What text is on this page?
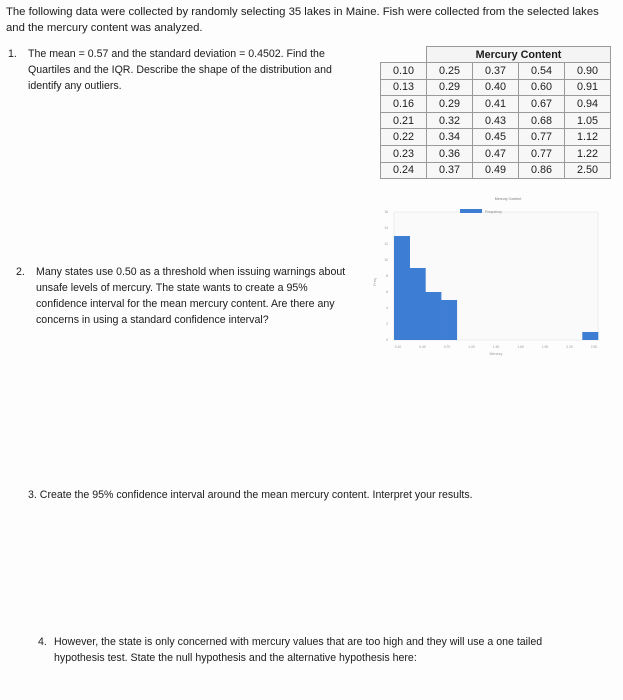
The following data were collected by randomly selecting 35 lakes in Maine. Fish were collected from the selected lakes and the mercury content was analyzed.
1. The mean = 0.57 and the standard deviation = 0.4502. Find the Quartiles and the IQR. Describe the shape of the distribution and identify any outliers.
	Mercury Content			
0.10	0.25	0.37	0.54	0.90
0.13	0.29	0.40	0.60	0.91
0.16	0.29	0.41	0.67	0.94
0.21	0.32	0.43	0.68	1.05
0.22	0.34	0.45	0.77	1.12
0.23	0.36	0.47	0.77	1.22
0.24	0.37	0.49	0.86	2.50
Mercury Content
Frequency
0
2
4
6
8
10
12
14
16
Freq
0.10	0.40	0.70	1.00	1.30	1.60	1.90	2.20	2.50
Mercury
2. Many states use 0.50 as a threshold when issuing warnings about unsafe levels of mercury. The state wants to create a 95% confidence interval for the mean mercury content. Are there any concerns in using a standard confidence interval?
3. Create the 95% confidence interval around the mean mercury content. Interpret your results.
4. However, the state is only concerned with mercury values that are too high and they will use a one tailed hypothesis test. State the null hypothesis and the alternative hypothesis here:
